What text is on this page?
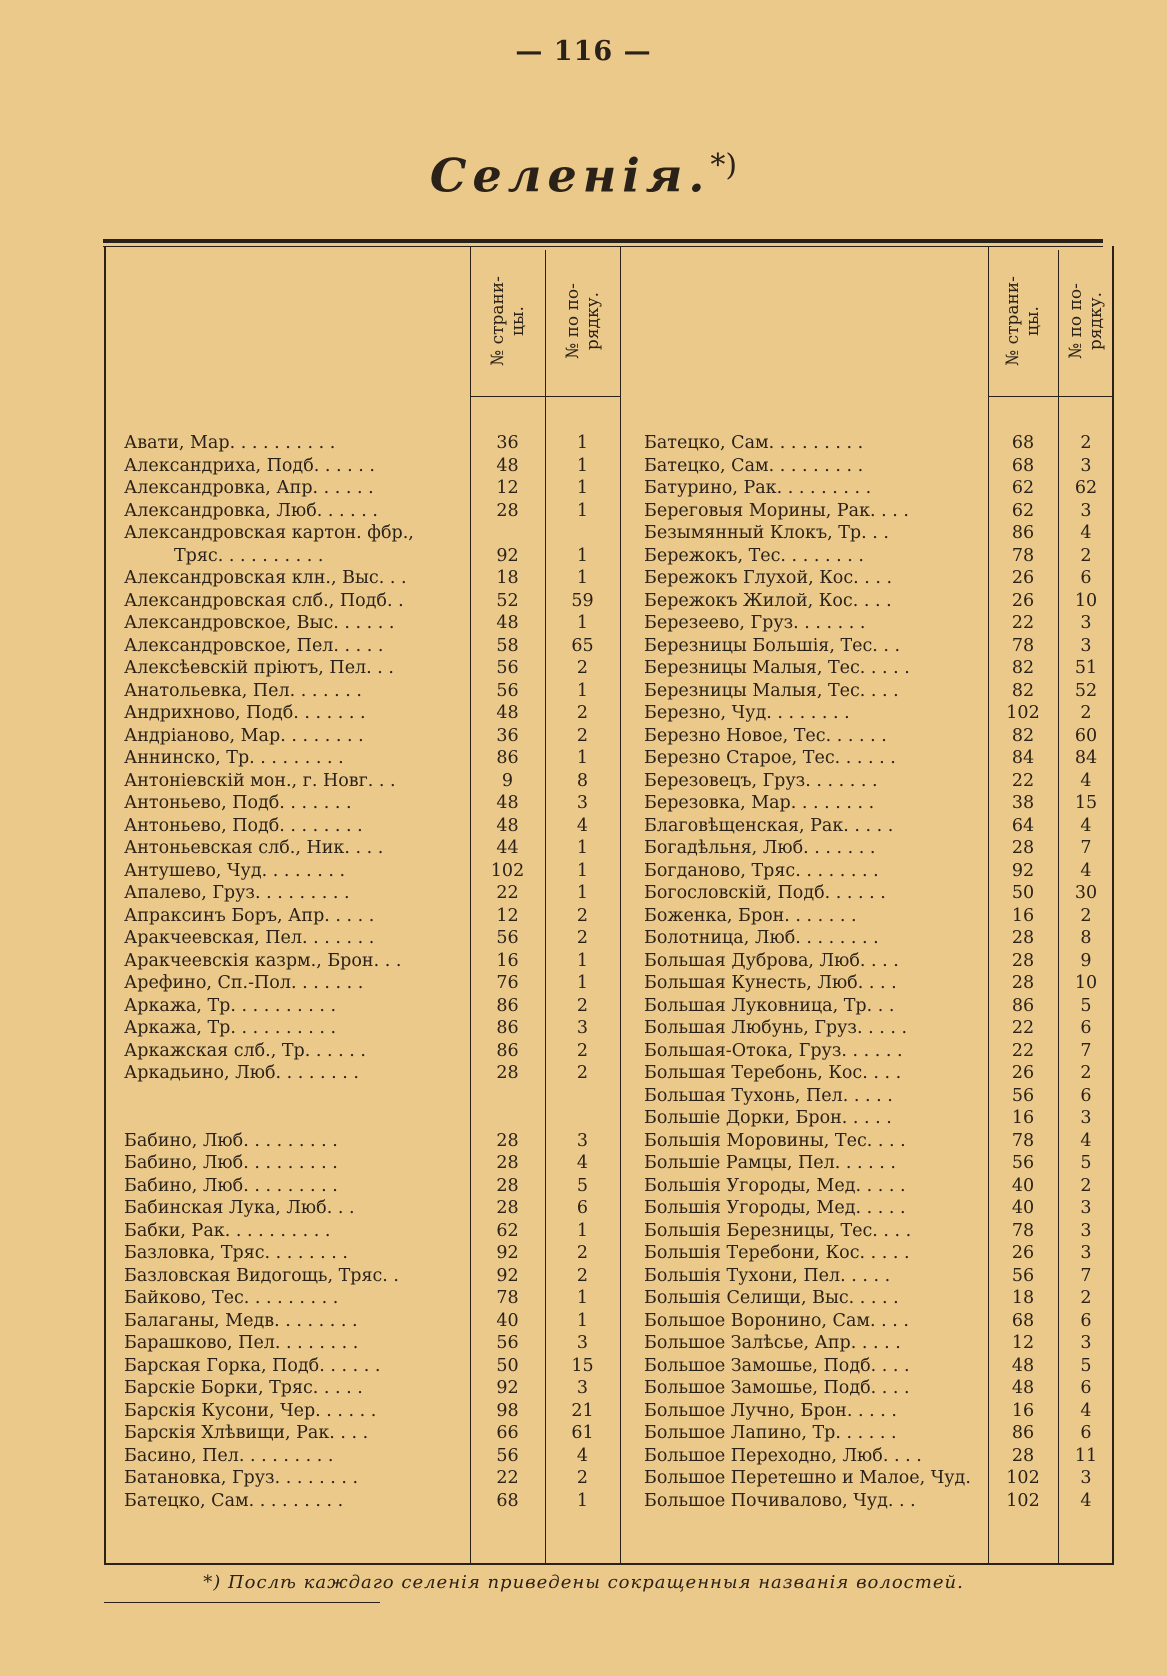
— 116 —
Селенія.*)
№ страни-
цы.
№ по по-
рядку.
№ страни-
цы.
№ по по-
рядку.
Авати, Мар. . . . . . . . . .	36	1
Александриха, Подб. . . . . .	48	1
Александровка, Апр. . . . . .	12	1
Александровка, Люб. . . . . .	28	1
Александровская картон. фбр.,
Тряс. . . . . . . . . .	92	1
Александровская клн., Выс. . .	18	1
Александровская слб., Подб. .	52	59
Александровское, Выс. . . . . .	48	1
Александровское, Пел. . . . .	58	65
Алексѣевскій пріютъ, Пел. . .	56	2
Анатольевка, Пел. . . . . . .	56	1
Андрихново, Подб. . . . . . .	48	2
Андріаново, Мар. . . . . . . .	36	2
Аннинско, Тр. . . . . . . . .	86	1
Антоніевскій мон., г. Новг. . .	9	8
Антоньево, Подб. . . . . . .	48	3
Антоньево, Подб. . . . . . . .	48	4
Антоньевская слб., Ник. . . .	44	1
Антушево, Чуд. . . . . . . .	102	1
Апалево, Груз. . . . . . . . .	22	1
Апраксинъ Боръ, Апр. . . . .	12	2
Аракчеевская, Пел. . . . . . .	56	2
Аракчеевскія казрм., Брон. . .	16	1
Арефино, Сп.-Пол. . . . . . .	76	1
Аркажа, Тр. . . . . . . . . .	86	2
Аркажа, Тр. . . . . . . . . .	86	3
Аркажская слб., Тр. . . . . .	86	2
Аркадьино, Люб. . . . . . . .	28	2
Бабино, Люб. . . . . . . . .	28	3
Бабино, Люб. . . . . . . . .	28	4
Бабино, Люб. . . . . . . . .	28	5
Бабинская Лука, Люб. . .	28	6
Бабки, Рак. . . . . . . . . .	62	1
Базловка, Тряс. . . . . . . .	92	2
Базловская Видогощь, Тряс. .	92	2
Байково, Тес. . . . . . . . .	78	1
Балаганы, Медв. . . . . . . .	40	1
Барашково, Пел. . . . . . . .	56	3
Барская Горка, Подб. . . . . .	50	15
Барскіе Борки, Тряс. . . . .	92	3
Барскія Кусони, Чер. . . . . .	98	21
Барскія Хлѣвищи, Рак. . . .	66	61
Басино, Пел. . . . . . . . .	56	4
Батановка, Груз. . . . . . . .	22	2
Батецко, Сам. . . . . . . . .	68	1
Батецко, Сам. . . . . . . . .	68	2
Батецко, Сам. . . . . . . . .	68	3
Батурино, Рак. . . . . . . . .	62	62
Береговыя Морины, Рак. . . .	62	3
Безымянный Клокъ, Тр. . .	86	4
Бережокъ, Тес. . . . . . . .	78	2
Бережокъ Глухой, Кос. . . .	26	6
Бережокъ Жилой, Кос. . . .	26	10
Березеево, Груз. . . . . . .	22	3
Березницы Большія, Тес. . .	78	3
Березницы Малыя, Тес. . . . .	82	51
Березницы Малыя, Тес. . . .	82	52
Березно, Чуд. . . . . . . .	102	2
Березно Новое, Тес. . . . . .	82	60
Березно Старое, Тес. . . . . .	84	84
Березовецъ, Груз. . . . . . .	22	4
Березовка, Мар. . . . . . . .	38	15
Благовѣщенская, Рак. . . . .	64	4
Богадѣльня, Люб. . . . . . .	28	7
Богданово, Тряс. . . . . . . .	92	4
Богословскій, Подб. . . . . .	50	30
Боженка, Брон. . . . . . .	16	2
Болотница, Люб. . . . . . . .	28	8
Большая Дуброва, Люб. . . .	28	9
Большая Кунесть, Люб. . . .	28	10
Большая Луковница, Тр. . .	86	5
Большая Любунь, Груз. . . . .	22	6
Большая-Отока, Груз. . . . . .	22	7
Большая Теребонь, Кос. . . .	26	2
Большая Тухонь, Пел. . . . .	56	6
Большіе Дорки, Брон. . . . .	16	3
Большія Моровины, Тес. . . .	78	4
Большіе Рамцы, Пел. . . . . .	56	5
Большія Угороды, Мед. . . . .	40	2
Большія Угороды, Мед. . . . .	40	3
Большія Березницы, Тес. . . .	78	3
Большія Теребони, Кос. . . . .	26	3
Большія Тухони, Пел. . . . .	56	7
Большія Селищи, Выс. . . . .	18	2
Большое Воронино, Сам. . . .	68	6
Большое Залѣсье, Апр. . . . .	12	3
Большое Замошье, Подб. . . .	48	5
Большое Замошье, Подб. . . .	48	6
Большое Лучно, Брон. . . . .	16	4
Большое Лапино, Тр. . . . . .	86	6
Большое Переходно, Люб. . . .	28	11
Большое Перетешно и Малое, Чуд.	102	3
Большое Почивалово, Чуд. . .	102	4
*) Послѣ каждаго селенія приведены сокращенныя названія волостей.
